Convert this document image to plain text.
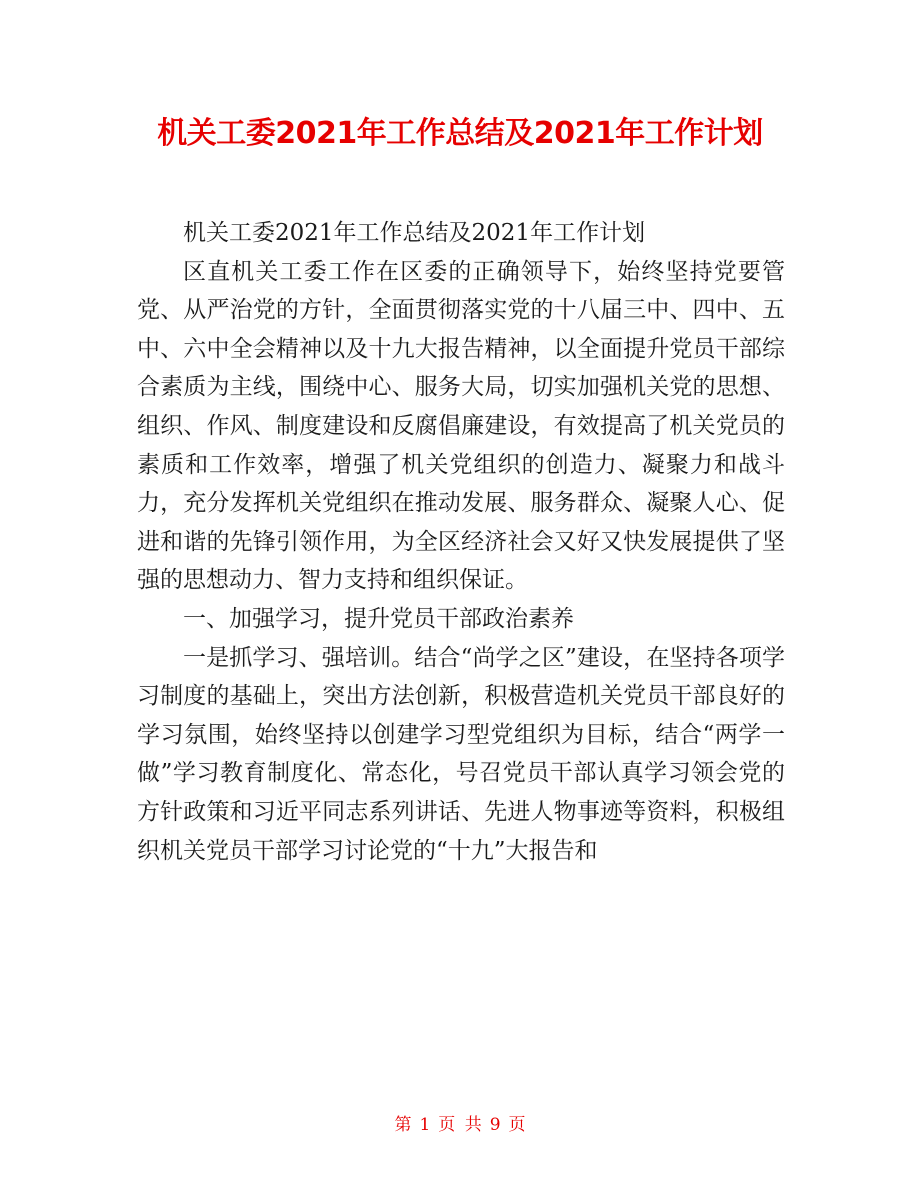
机关工委2021年工作总结及2021年工作计划

机关工委2021年工作总结及2021年工作计划

区直机关工委工作在区委的正确领导下，始终坚持党要管党、从严治党的方针，全面贯彻落实党的十八届三中、四中、五中、六中全会精神以及十九大报告精神，以全面提升党员干部综合素质为主线，围绕中心、服务大局，切实加强机关党的思想、组织、作风、制度建设和反腐倡廉建设，有效提高了机关党员的素质和工作效率，增强了机关党组织的创造力、凝聚力和战斗力，充分发挥机关党组织在推动发展、服务群众、凝聚人心、促进和谐的先锋引领作用，为全区经济社会又好又快发展提供了坚强的思想动力、智力支持和组织保证。

一、加强学习，提升党员干部政治素养

一是抓学习、强培训。结合“尚学之区”建设，在坚持各项学习制度的基础上，突出方法创新，积极营造机关党员干部良好的学习氛围，始终坚持以创建学习型党组织为目标，结合“两学一做”学习教育制度化、常态化，号召党员干部认真学习领会党的方针政策和习近平同志系列讲话、先进人物事迹等资料，积极组织机关党员干部学习讨论党的“十九”大报告和

第 1 页 共 9 页
